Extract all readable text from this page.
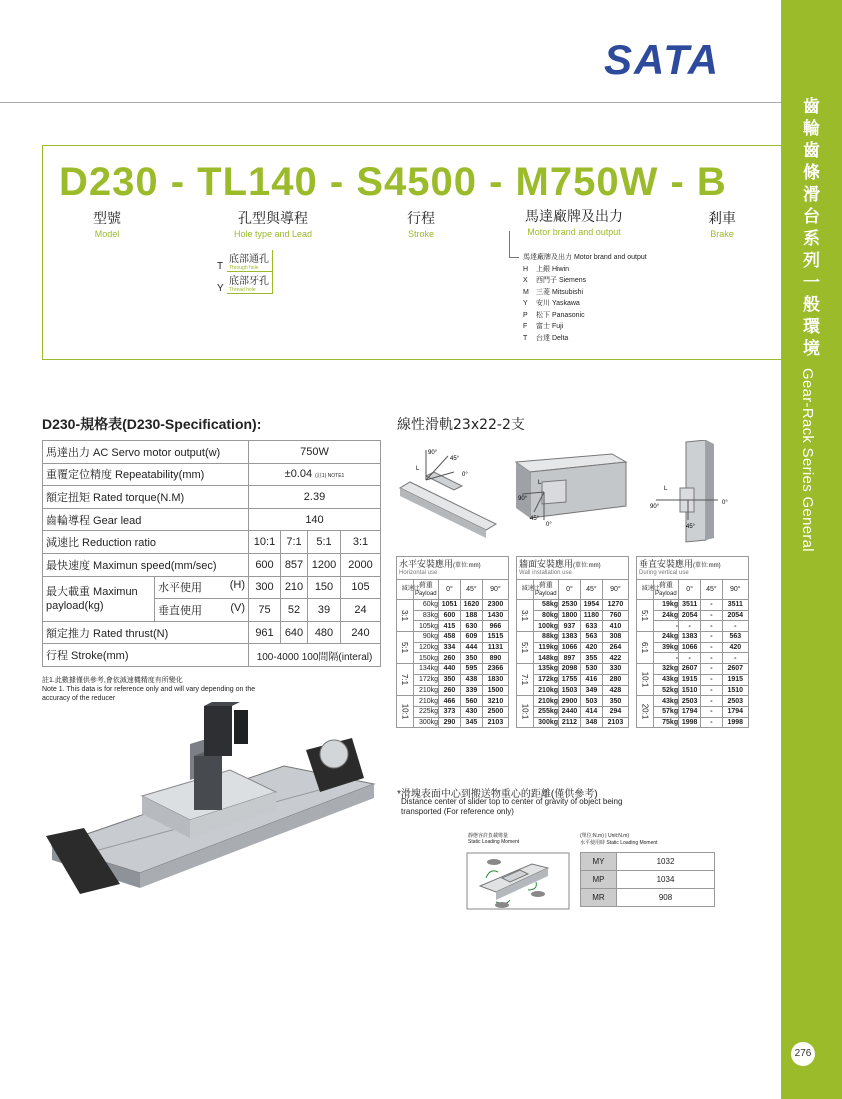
齒
輪
齒
條
滑
台
系
列
一
般
環
境
Gear-Rack Series General
276
SATA
D230 - TL140 - S4500 - M750W - B
型號
Model
孔型與導程
Hole type and Lead
行程
Stroke
馬達廠牌及出力
Motor brand and output
剎車
Brake
T底部通孔
Through hole
Y底部牙孔
Thread hole
馬達廠牌及出力 Motor brand and output
H 上銀 Hiwin
X 西門子 Siemens
M 三菱 Mitsubishi
Y 安川 Yaskawa
P 松下 Panasonic
F 富士 Fuji
T 台達 Delta
D230-規格表(D230-Specification):
馬達出力 AC Servo motor output(w)		750W			
重覆定位精度 Repeatability(mm)		±0.04 (註1) NOTE1			
額定扭矩 Rated torque(N.M)		2.39			
齒輪導程 Gear lead		140			
減速比 Reduction ratio		10:1	7:1	5:1	3:1
最快速度 Maximun speed(mm/sec)		600	857	1200	2000
最大載重 Maximun payload(kg)	水平使用 (H)	300	210	150	105
	垂直使用 (V)	75	52	39	24
額定推力 Rated thrust(N)		961	640	480	240
行程 Stroke(mm)		100-4000 100間隔(interal)			
註1.此數據僅供參考,會依減速機精度有所變化
Note 1. This data is for reference only and will vary depending on the accuracy of the reducer
線性滑軌23x22-2支
90°
45°
0°
L
90°
45°
0°
L
90°
0°
45°
L
水平安裝應用(單位:mm)
Horizontal use				

減速比	荷重
Payload	0°	45°	90°
3:1	60kg	1051	1620	2300
	83kg	600	188	1430
	105kg	415	630	966
5:1	90kg	458	609	1515
	120kg	334	444	1131
	150kg	260	350	890
7:1	134kg	440	595	2366
	172kg	350	438	1830
	210kg	260	339	1500
10:1	210kg	466	560	3210
	225kg	373	430	2500
	300kg	290	345	2103
牆面安裝應用(單位:mm)
Wall installation use				

減速比	荷重
Payload	0°	45°	90°
3:1	58kg	2530	1954	1270
	80kg	1800	1180	760
	100kg	937	633	410
5:1	88kg	1383	563	308
	119kg	1066	420	264
	148kg	897	355	422
7:1	135kg	2098	530	330
	172kg	1755	416	280
	210kg	1503	349	428
10:1	210kg	2900	503	350
	255kg	2440	414	294
	300kg	2112	348	2103
垂直安裝應用(單位:mm)
During vertical use				

減速比	荷重
Payload	0°	45°	90°
5:1	19kg	3511	-	3511
	24kg	2054	-	2054
	-	-	-	-
6:1	24kg	1383	-	563
	39kg	1066	-	420
	-	-	-	-
10:1	32kg	2607	-	2607
	43kg	1915	-	1915
	52kg	1510	-	1510
20:1	43kg	2503	-	2503
	57kg	1794	-	1794
	75kg	1998	-	1998
*滑塊表面中心到搬送物重心的距離(僅供參考)
Distance center of slider top to center of gravity of object being
transported (For reference only)
靜態容許負載彎量
Static Loading Moment
(單位:N.m) | Unit:N.m)
水平使用時 Static Loading Moment
MY	1032
MP	1034
MR	908
